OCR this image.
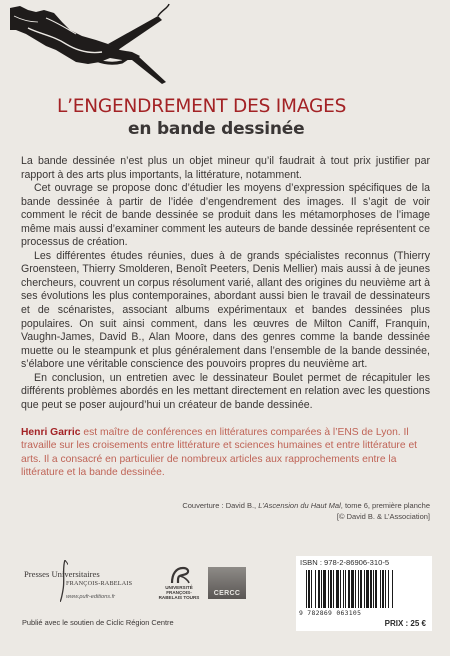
L’ENGENDREMENT DES IMAGES
en bande dessinée

La bande dessinée n’est plus un objet mineur qu’il faudrait à tout prix justifier par rapport à des arts plus importants, la littérature, notamment.

Cet ouvrage se propose donc d’étudier les moyens d’expression spécifiques de la bande dessinée à partir de l’idée d’engendrement des images. Il s’agit de voir comment le récit de bande dessinée se produit dans les métamorphoses de l’image même mais aussi d’examiner comment les auteurs de bande dessinée représentent ce processus de création.

Les différentes études réunies, dues à de grands spécialistes reconnus (Thierry Groensteen, Thierry Smolderen, Benoît Peeters, Denis Mellier) mais aussi à de jeunes chercheurs, couvrent un corpus résolument varié, allant des origines du neuvième art à ses évolutions les plus contemporaines, abordant aussi bien le travail de dessinateurs et de scénaristes, associant albums expérimentaux et bandes dessinées plus populaires. On suit ainsi comment, dans les œuvres de Milton Caniff, Franquin, Vaughn-James, David B., Alan Moore, dans des genres comme la bande dessinée muette ou le steampunk et plus généralement dans l’ensemble de la bande dessinée, s’élabore une véritable conscience des pouvoirs propres du neuvième art.

En conclusion, un entretien avec le dessinateur Boulet permet de récapituler les différents problèmes abordés en les mettant directement en relation avec les questions que peut se poser aujourd’hui un créateur de bande dessinée.

Henri Garric est maître de conférences en littératures comparées à l’ENS de Lyon. Il travaille sur les croisements entre littérature et sciences humaines et entre littérature et arts. Il a consacré en particulier de nombreux articles aux rapprochements entre la littérature et la bande dessinée.
Couverture : David B., L’Ascension du Haut Mal, tome 6, première planche
[© David B. & L’Association]
Presses Universitaires
FRANÇOIS-RABELAIS
www.pufr-editions.fr
UNIVERSITÉ FRANÇOIS-RABELAIS TOURS
CERCC
ISBN : 978-2-86906-310-5
9 782869 063105
PRIX : 25 €
Publié avec le soutien de Ciclic Région Centre
